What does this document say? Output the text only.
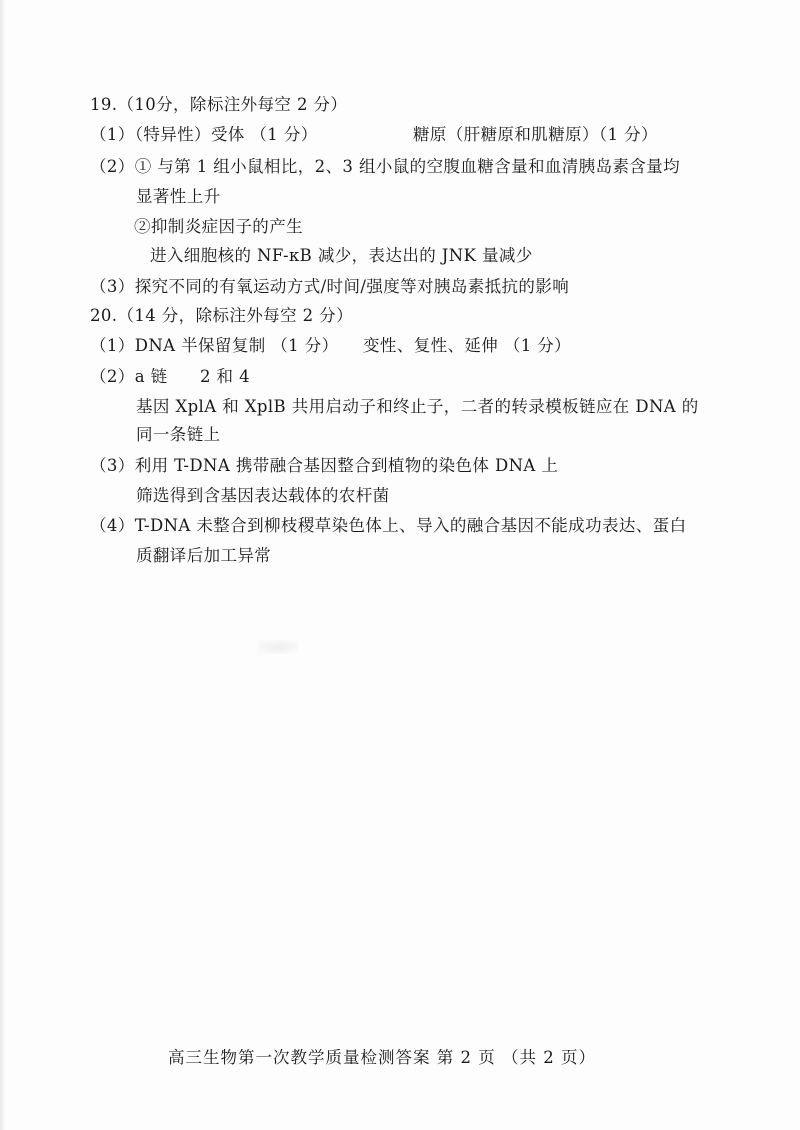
19.（10分，除标注外每空 2 分）
（1）（特异性）受体 （1 分）	糖原（肝糖原和肌糖原）（1 分）
（2）① 与第 1 组小鼠相比，2、3 组小鼠的空腹血糖含量和血清胰岛素含量均
显著性上升
②抑制炎症因子的产生
进入细胞核的 NF-κB 减少，表达出的 JNK 量减少
（3）探究不同的有氧运动方式/时间/强度等对胰岛素抵抗的影响
20.（14 分，除标注外每空 2 分）
（1）DNA 半保留复制 （1 分） 变性、复性、延伸 （1 分）
（2）a 链 2 和 4
基因 XplA 和 XplB 共用启动子和终止子，二者的转录模板链应在 DNA 的
同一条链上
（3）利用 T-DNA 携带融合基因整合到植物的染色体 DNA 上
筛选得到含基因表达载体的农杆菌
（4）T-DNA 未整合到柳枝稷草染色体上、导入的融合基因不能成功表达、蛋白
质翻译后加工异常
高三生物第一次教学质量检测答案 第 2 页 （共 2 页）
